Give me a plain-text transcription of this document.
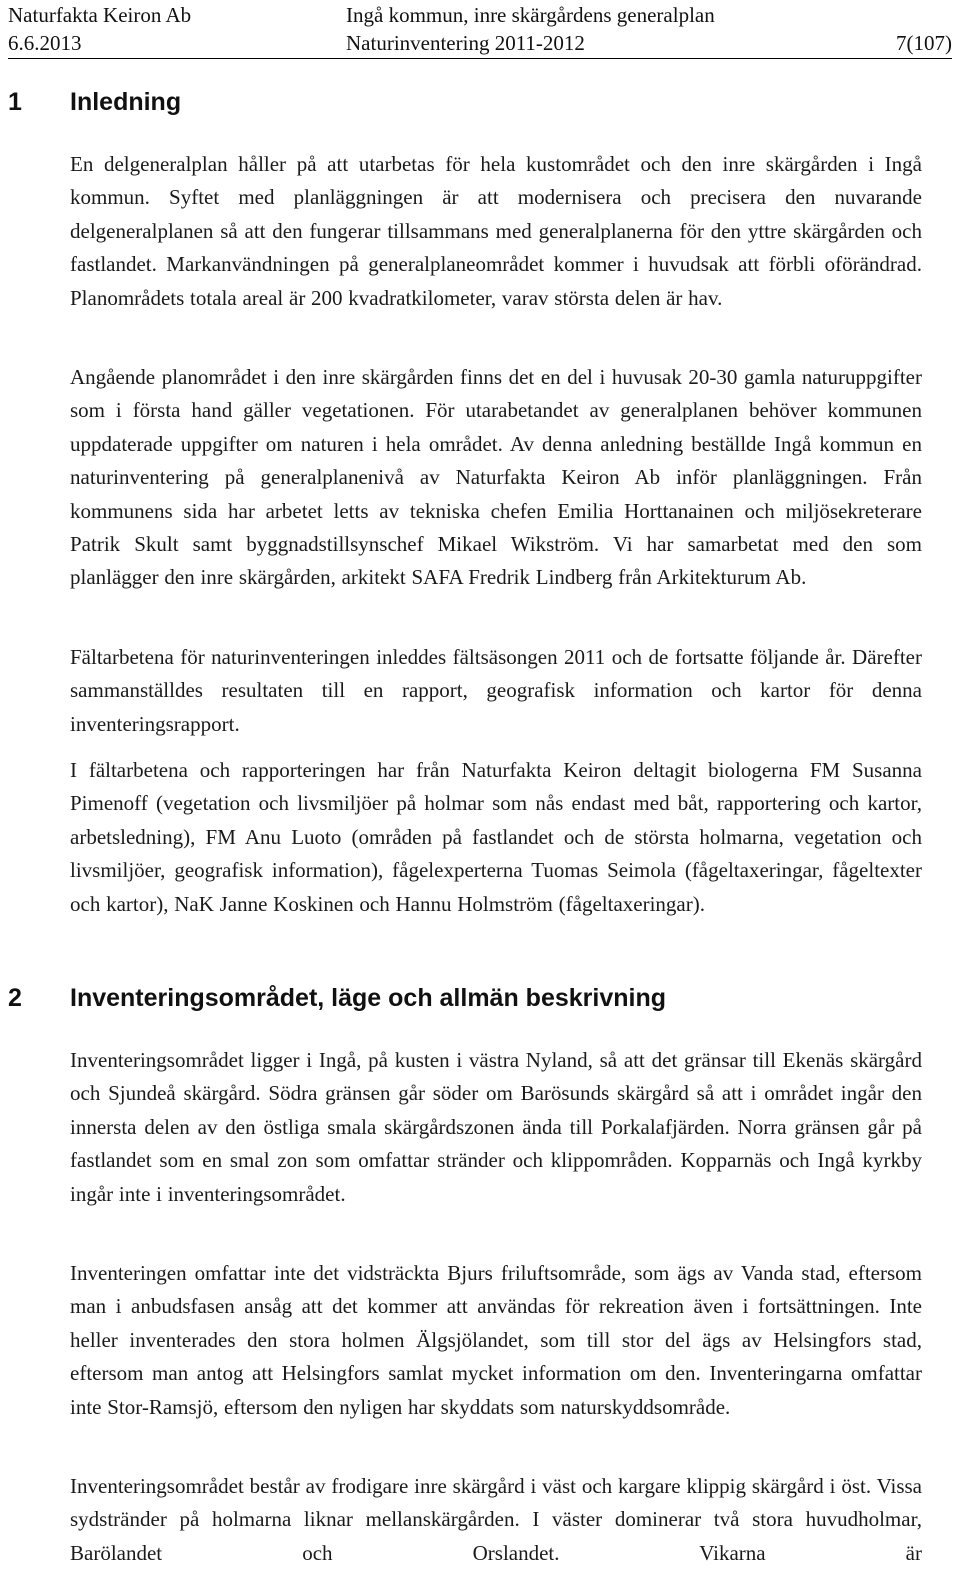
Naturfakta Keiron Ab
6.6.2013
Ingå kommun, inre skärgårdens generalplan
Naturinventering 2011-2012	7(107)
1 Inledning

En delgeneralplan håller på att utarbetas för hela kustområdet och den inre skärgården i Ingå kommun. Syftet med planläggningen är att modernisera och precisera den nuvarande delgeneralplanen så att den fungerar tillsammans med generalplanerna för den yttre skärgården och fastlandet. Markanvändningen på generalplaneområdet kommer i huvudsak att förbli oförändrad. Planområdets totala areal är 200 kvadratkilometer, varav största delen är hav.

Angående planområdet i den inre skärgården finns det en del i huvusak 20-30 gamla naturuppgifter som i första hand gäller vegetationen. För utarabetandet av generalplanen behöver kommunen uppdaterade uppgifter om naturen i hela området. Av denna anledning beställde Ingå kommun en naturinventering på generalplanenivå av Naturfakta Keiron Ab inför planläggningen. Från kommunens sida har arbetet letts av tekniska chefen Emilia Horttanainen och miljösekreterare Patrik Skult samt byggnadstillsynschef Mikael Wikström. Vi har samarbetat med den som planlägger den inre skärgården, arkitekt SAFA Fredrik Lindberg från Arkitekturum Ab.

Fältarbetena för naturinventeringen inleddes fältsäsongen 2011 och de fortsatte följande år. Därefter sammanställdes resultaten till en rapport, geografisk information och kartor för denna inventeringsrapport.

I fältarbetena och rapporteringen har från Naturfakta Keiron deltagit biologerna FM Susanna Pimenoff (vegetation och livsmiljöer på holmar som nås endast med båt, rapportering och kartor, arbetsledning), FM Anu Luoto (områden på fastlandet och de största holmarna, vegetation och livsmiljöer, geografisk information), fågelexperterna Tuomas Seimola (fågeltaxeringar, fågeltexter och kartor), NaK Janne Koskinen och Hannu Holmström (fågeltaxeringar).

2 Inventeringsområdet, läge och allmän beskrivning

Inventeringsområdet ligger i Ingå, på kusten i västra Nyland, så att det gränsar till Ekenäs skärgård och Sjundeå skärgård. Södra gränsen går söder om Barösunds skärgård så att i området ingår den innersta delen av den östliga smala skärgårdszonen ända till Porkalafjärden. Norra gränsen går på fastlandet som en smal zon som omfattar stränder och klippområden. Kopparnäs och Ingå kyrkby ingår inte i inventeringsområdet.

Inventeringen omfattar inte det vidsträckta Bjurs friluftsområde, som ägs av Vanda stad, eftersom man i anbudsfasen ansåg att det kommer att användas för rekreation även i fortsättningen. Inte heller inventerades den stora holmen Älgsjölandet, som till stor del ägs av Helsingfors stad, eftersom man antog att Helsingfors samlat mycket information om den. Inventeringarna omfattar inte Stor-Ramsjö, eftersom den nyligen har skyddats som naturskyddsområde.

Inventeringsområdet består av frodigare inre skärgård i väst och kargare klippig skärgård i öst. Vissa sydstränder på holmarna liknar mellanskärgården. I väster dominerar två stora huvudholmar, Barölandet och Orslandet. Vikarna är
